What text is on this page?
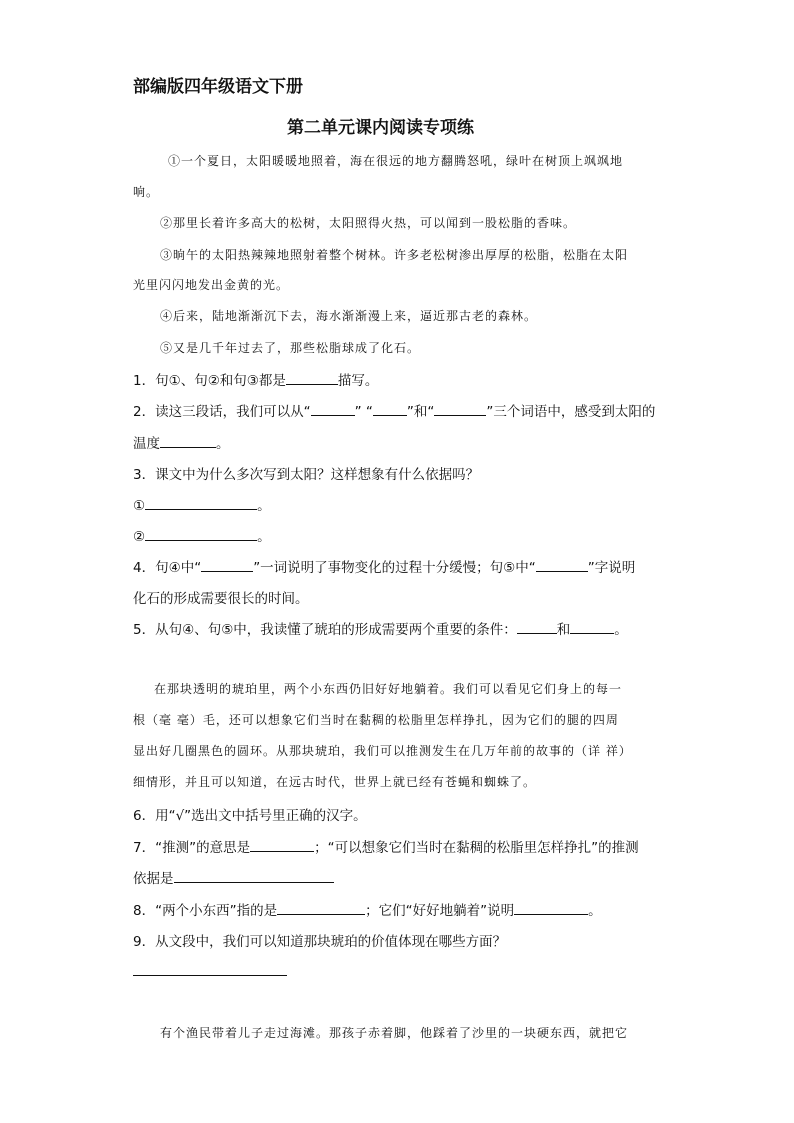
部编版四年级语文下册
第二单元课内阅读专项练
①一个夏日，太阳暖暖地照着，海在很远的地方翻腾怒吼，绿叶在树顶上飒飒地
响。
②那里长着许多高大的松树，太阳照得火热，可以闻到一股松脂的香味。
③晌午的太阳热辣辣地照射着整个树林。许多老松树渗出厚厚的松脂，松脂在太阳
光里闪闪地发出金黄的光。
④后来，陆地渐渐沉下去，海水渐渐漫上来，逼近那古老的森林。
⑤又是几千年过去了，那些松脂球成了化石。
1．句①、句②和句③都是	描写。
2．读这三段话，我们可以从“	” “	”和“	”三个词语中，感受到太阳的
温度	。
3．课文中为什么多次写到太阳？这样想象有什么依据吗？
①	。
②	。
4．句④中“	”一词说明了事物变化的过程十分缓慢；句⑤中“	”字说明
化石的形成需要很长的时间。
5．从句④、句⑤中，我读懂了琥珀的形成需要两个重要的条件：	和	。
在那块透明的琥珀里，两个小东西仍旧好好地躺着。我们可以看见它们身上的每一
根（毫 毫）毛，还可以想象它们当时在黏稠的松脂里怎样挣扎，因为它们的腿的四周
显出好几圈黑色的圆环。从那块琥珀，我们可以推测发生在几万年前的故事的（详 祥）
细情形，并且可以知道，在远古时代，世界上就已经有苍蝇和蜘蛛了。
6．用“√”选出文中括号里正确的汉字。
7．“推测”的意思是	；“可以想象它们当时在黏稠的松脂里怎样挣扎”的推测
依据是
8．“两个小东西”指的是	；它们“好好地躺着”说明	。
9．从文段中，我们可以知道那块琥珀的价值体现在哪些方面？
有个渔民带着儿子走过海滩。那孩子赤着脚，他踩着了沙里的一块硬东西，就把它
